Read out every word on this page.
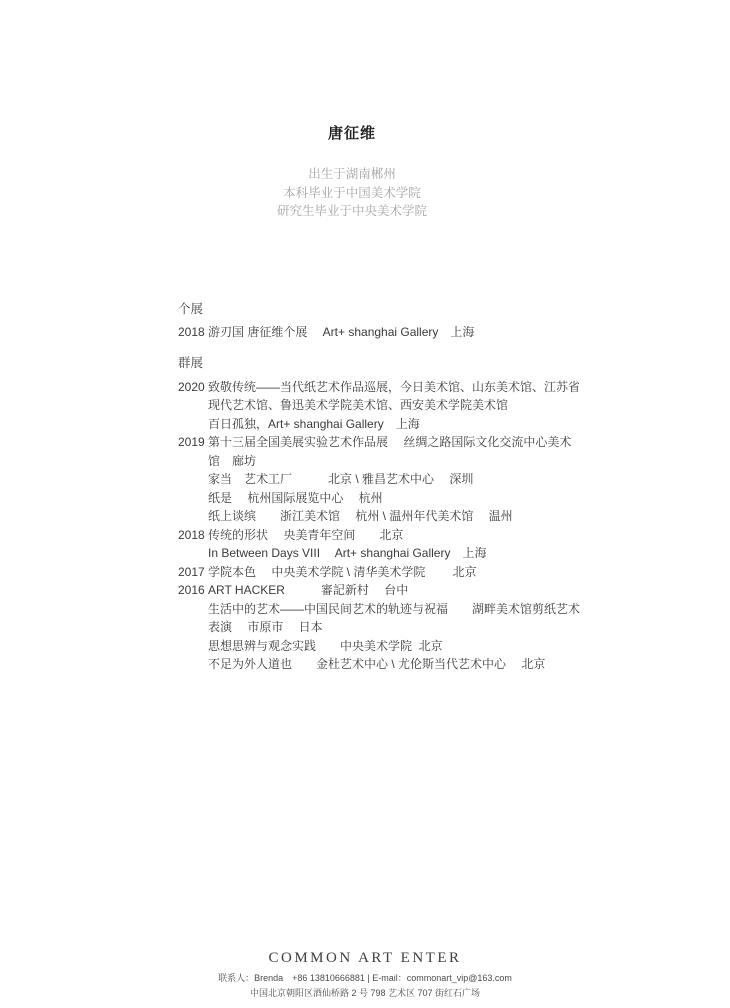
唐征维
出生于湖南郴州
本科毕业于中国美术学院
研究生毕业于中央美术学院
个展
2018 游刃国 唐征维个展　 Art+ shanghai Gallery　上海
群展
2020 致敬传统——当代纸艺术作品巡展，今日美术馆、山东美术馆、江苏省
现代艺术馆、鲁迅美术学院美术馆、西安美术学院美术馆
百日孤独，Art+ shanghai Gallery　上海
2019 第十三届全国美展实验艺术作品展　 丝绸之路国际文化交流中心美术
馆　廊坊
家当　艺术工厂　　　北京 \ 雅昌艺术中心　 深圳
纸是　 杭州国际展览中心　 杭州
纸上谈缤　　浙江美术馆　 杭州 \ 温州年代美术馆　 温州
2018 传统的形状　 央美青年空间　　北京
In Between Days VIII　 Art+ shanghai Gallery　上海
2017 学院本色　 中央美术学院 \ 清华美术学院　　 北京
2016 ART HACKER　　　審記新村　 台中
生活中的艺术——中国民间艺术的轨迹与祝福　　湖畔美术馆剪纸艺术
表演　 市原市　 日本
思想思辨与观念实践　　中央美术学院  北京
不足为外人道也　　金杜艺术中心 \ 尤伦斯当代艺术中心　 北京
COMMON ART ENTER
联系人：Brenda　+86 13810666881 | E-mail：commonart_vip@163.com
中国北京朝阳区酒仙桥路 2 号 798 艺术区 707 街红石广场
